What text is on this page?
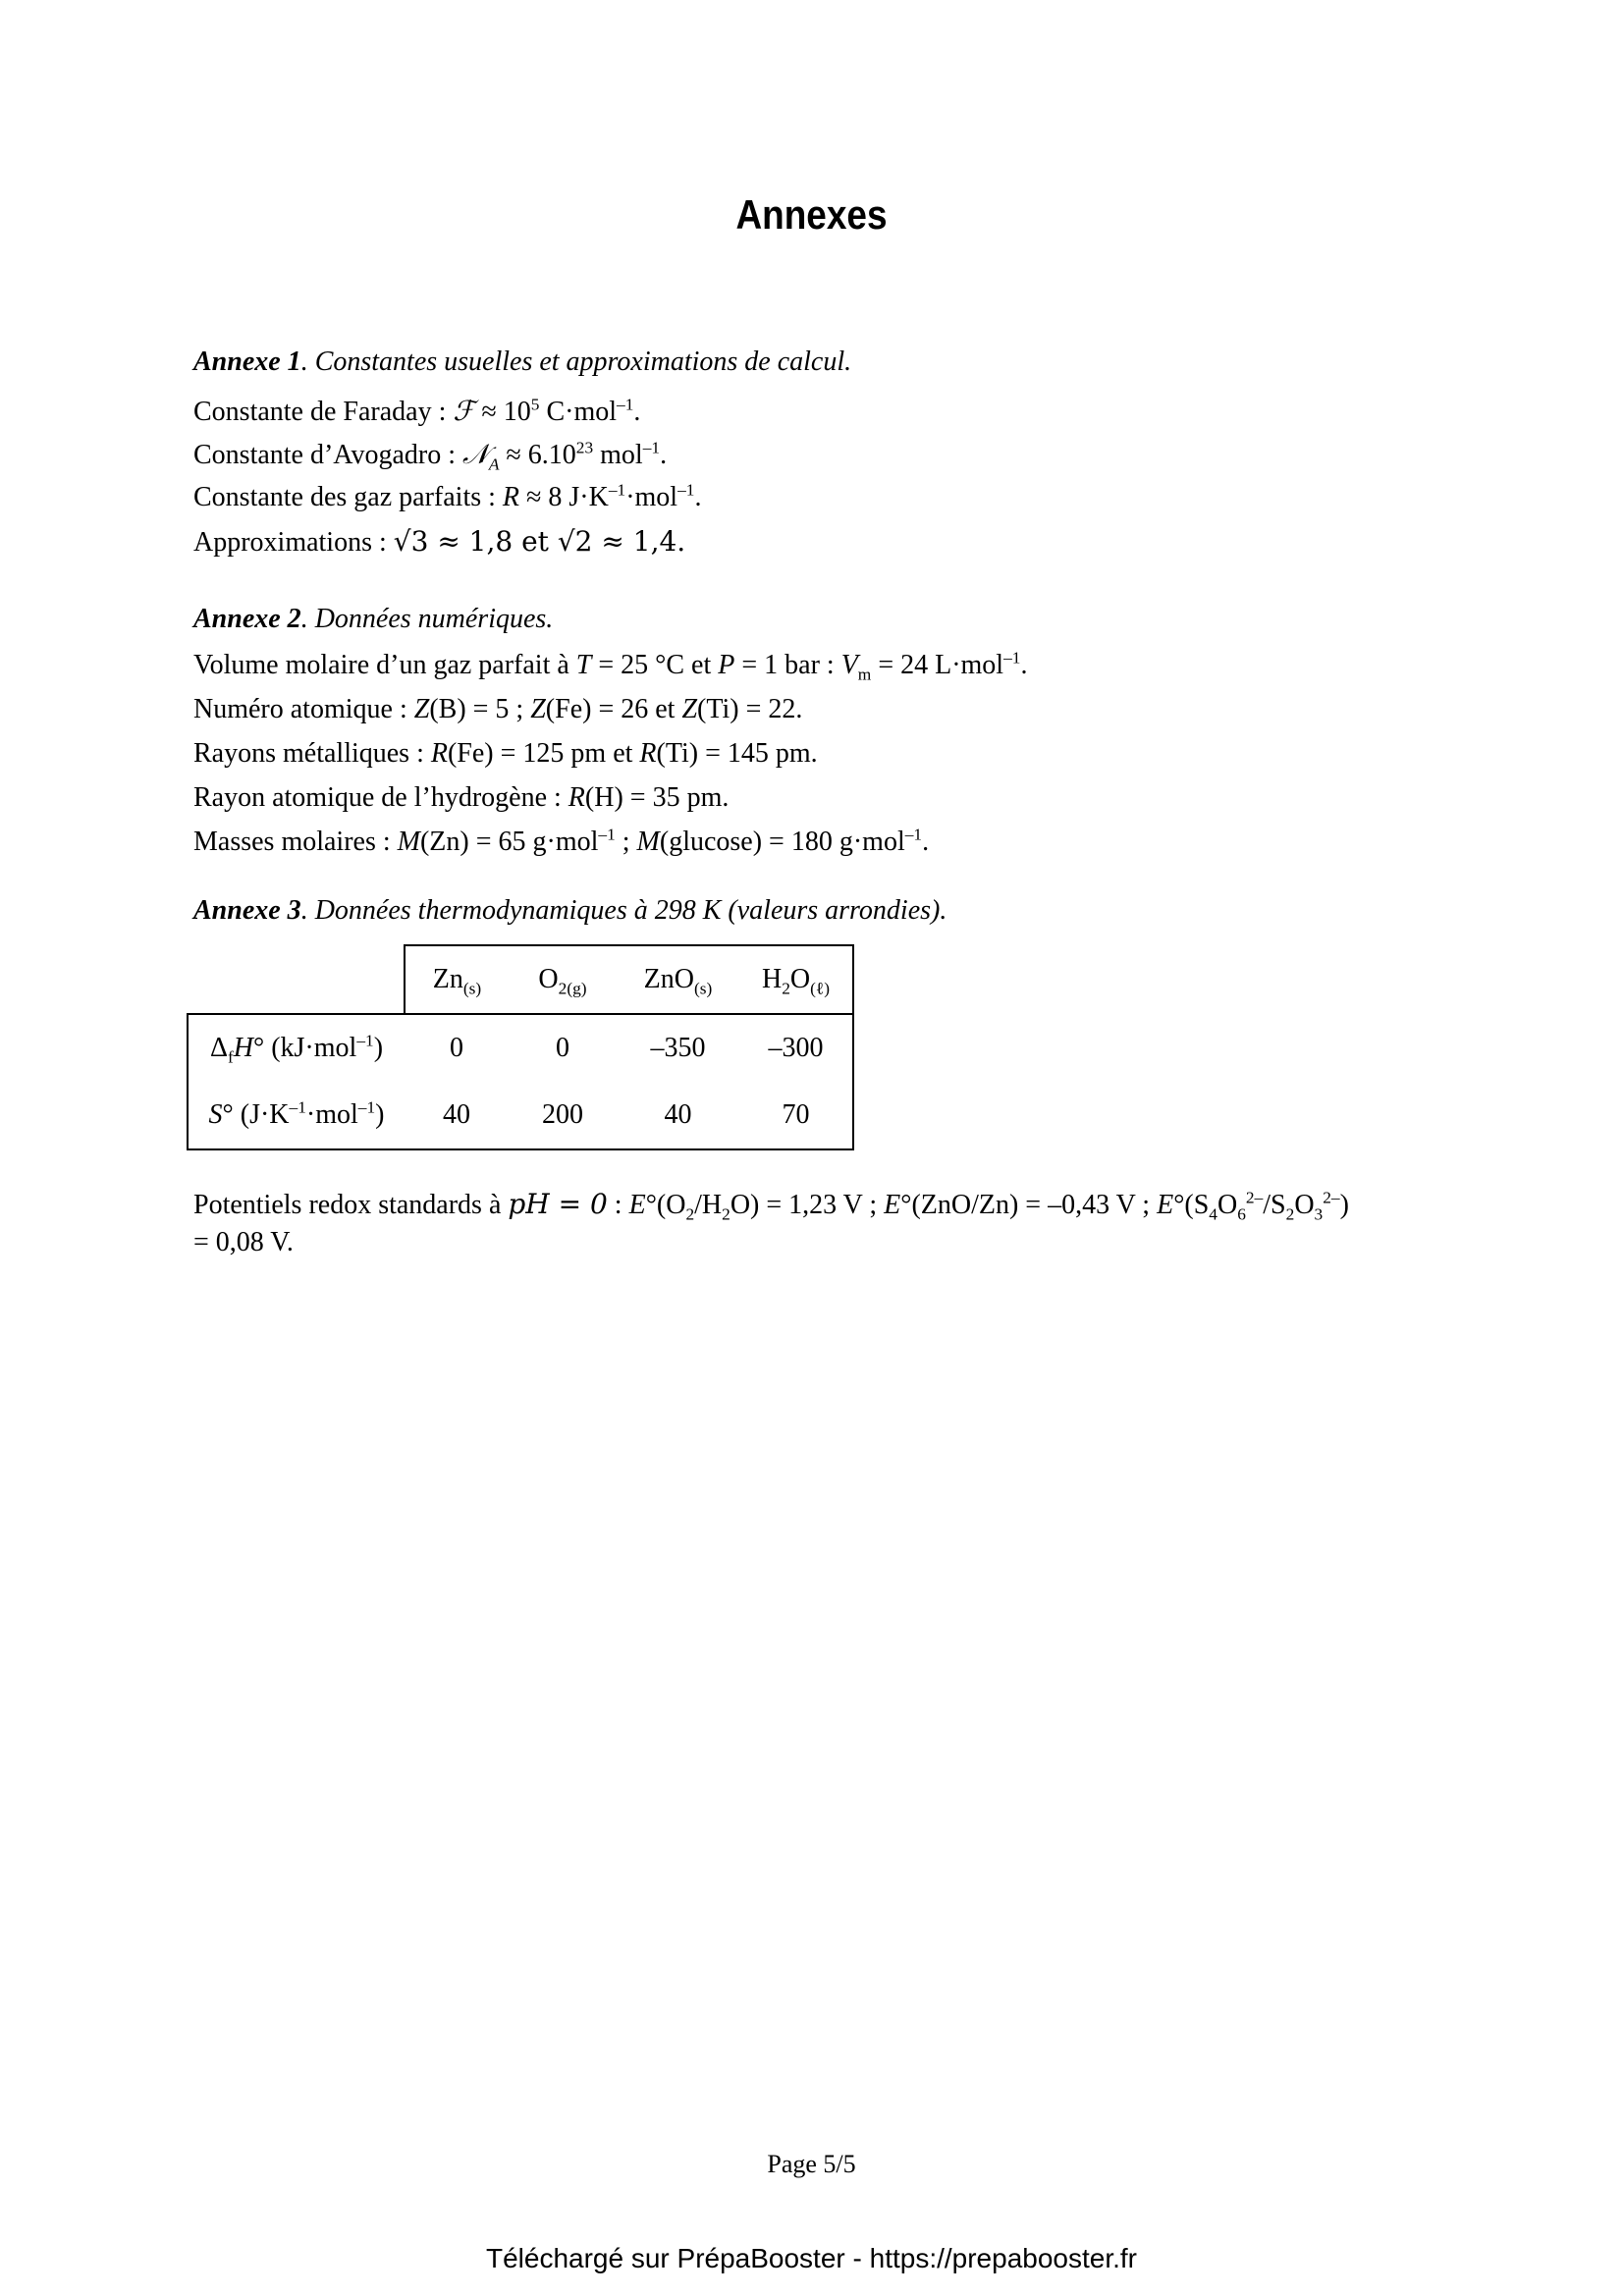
Annexes

Annexe 1. Constantes usuelles et approximations de calcul.

Constante de Faraday : ℱ ≈ $10^5$ C·mol$^{-1}$.

Constante d’Avogadro : 𝒩$_A$ ≈ $6.10^{23}$ mol$^{-1}$.

Constante des gaz parfaits : R ≈ 8 $J\cdot K^{-1}\cdot mol^{-1}$.

Approximations : √3 ≈ 1,8 et √2 ≈ 1,4.

Annexe 2. Données numériques.

Volume molaire d’un gaz parfait à T = 25 °C et P = 1 bar : $V_m = 24$ L·mol$^{-1}$.

Numéro atomique : Z(B) = 5 ; Z(Fe) = 26 et Z(Ti) = 22.

Rayons métalliques : R(Fe) = 125 pm et R(Ti) = 145 pm.

Rayon atomique de l’hydrogène : R(H) = 35 pm.

Masses molaires : M(Zn) = 65 g·mol$^{-1}$ ; M(glucose) = 180 g·mol$^{-1}$.

Annexe 3. Données thermodynamiques à 298 K (valeurs arrondies).

	$Zn_{(s)}$	$O_{2(g)}$	ZnO$_{(s)}$	$H_2O_{(\ell)}$
$\Delta_fH^\circ$ (kJ·mol$^{-1}$)	0	0	–350	–300
S° $(J\cdot K^{-1}\cdot mol^{-1})$	40	200	40	70

Potentiels redox standards à pH = 0 : $E^\circ(O_2/H_2O) = 1,23$ V ; E°(ZnO/Zn) = –0,43 V ; $E^\circ(S_4O_6^{2-}/S_2O_3^{2-})$

= 0,08 V.

Page 5/5
Téléchargé sur PrépaBooster - https://prepabooster.fr
